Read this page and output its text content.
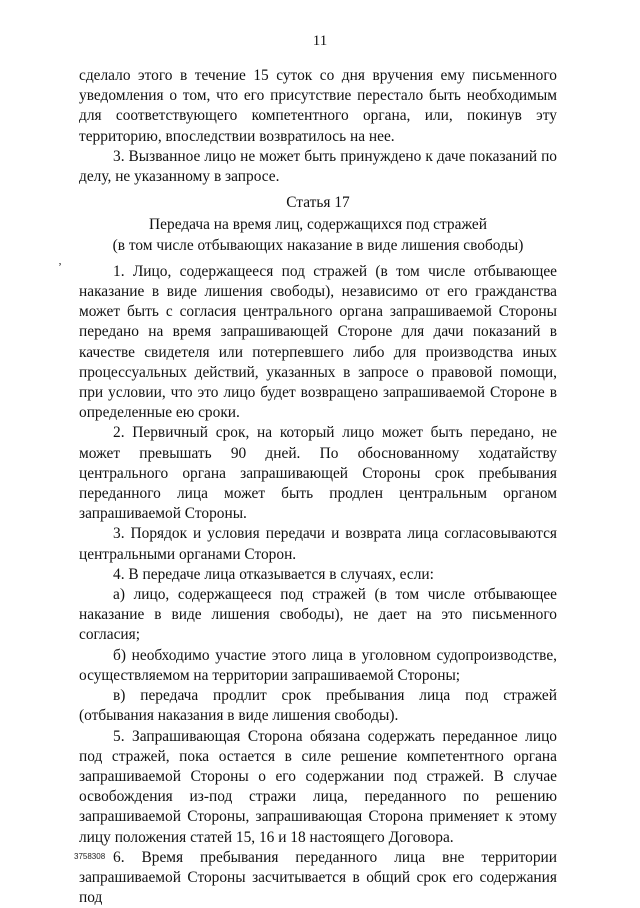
11
‚

сделало этого в течение 15 суток со дня вручения ему письменного уведомления о том, что его присутствие перестало быть необходимым для соответствующего компетентного органа, или, покинув эту территорию, впоследствии возвратилось на нее.

3. Вызванное лицо не может быть принуждено к даче показаний по делу, не указанному в запросе.

Статья 17

Передача на время лиц, содержащихся под стражей
(в том числе отбывающих наказание в виде лишения свободы)

1. Лицо, содержащееся под стражей (в том числе отбывающее наказание в виде лишения свободы), независимо от его гражданства может быть с согласия центрального органа запрашиваемой Стороны передано на время запрашивающей Стороне для дачи показаний в качестве свидетеля или потерпевшего либо для производства иных процессуальных действий, указанных в запросе о правовой помощи, при условии, что это лицо будет возвращено запрашиваемой Стороне в определенные ею сроки.

2. Первичный срок, на который лицо может быть передано, не может превышать 90 дней. По обоснованному ходатайству центрального органа запрашивающей Стороны срок пребывания переданного лица может быть продлен центральным органом запрашиваемой Стороны.

3. Порядок и условия передачи и возврата лица согласовываются центральными органами Сторон.

4. В передаче лица отказывается в случаях, если:

а) лицо, содержащееся под стражей (в том числе отбывающее наказание в виде лишения свободы), не дает на это письменного согласия;

б) необходимо участие этого лица в уголовном судопроизводстве, осуществляемом на территории запрашиваемой Стороны;

в) передача продлит срок пребывания лица под стражей (отбывания наказания в виде лишения свободы).

5. Запрашивающая Сторона обязана содержать переданное лицо под стражей, пока остается в силе решение компетентного органа запрашиваемой Стороны о его содержании под стражей. В случае освобождения из-под стражи лица, переданного по решению запрашиваемой Стороны, запрашивающая Сторона применяет к этому лицу положения статей 15, 16 и 18 настоящего Договора.

6. Время пребывания переданного лица вне территории запрашиваемой Стороны засчитывается в общий срок его содержания под

3758308
